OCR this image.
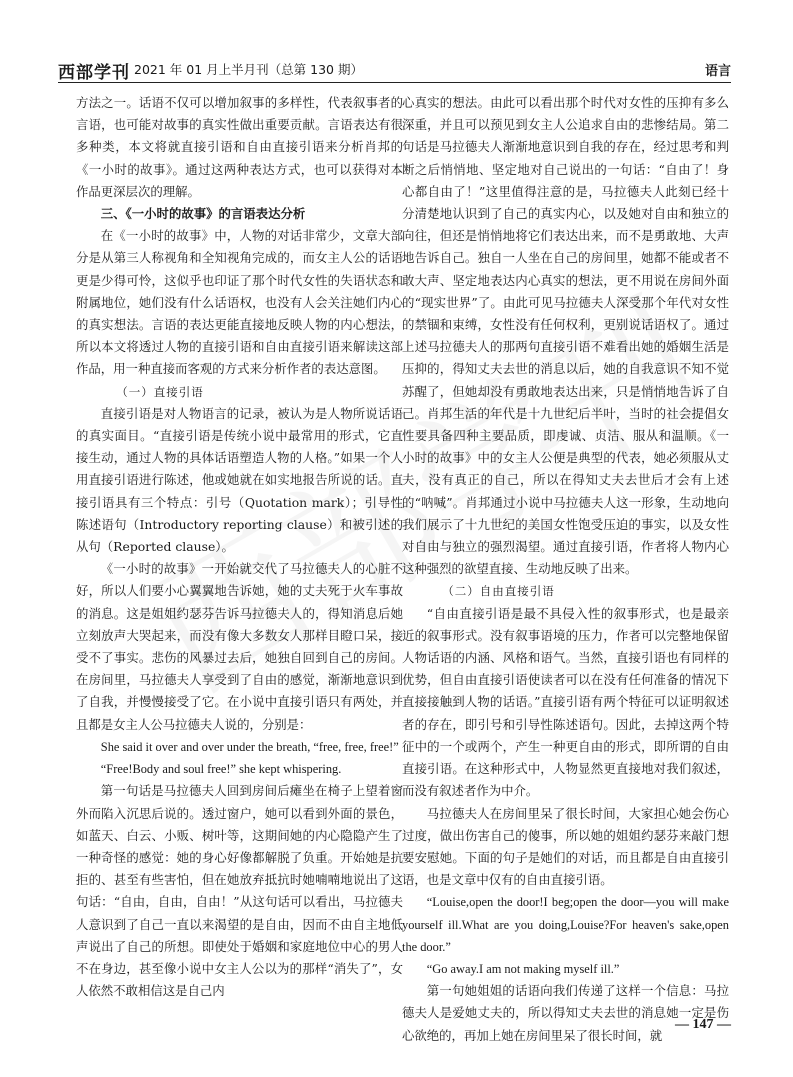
西部学刊 2021 年 01 月上半月刊（总第 130 期）	语言

方法之一。话语不仅可以增加叙事的多样性，代表叙事者的言语，也可能对故事的真实性做出重要贡献。言语表达有很多种类，本文将就直接引语和自由直接引语来分析肖邦的《一小时的故事》。通过这两种表达方式，也可以获得对本作品更深层次的理解。

三、《一小时的故事》的言语表达分析

在《一小时的故事》中，人物的对话非常少，文章大部分是从第三人称视角和全知视角完成的，而女主人公的话语更是少得可怜，这似乎也印证了那个时代女性的失语状态和附属地位，她们没有什么话语权，也没有人会关注她们内心的真实想法。言语的表达更能直接地反映人物的内心想法，所以本文将透过人物的直接引语和自由直接引语来解读这部作品，用一种直接而客观的方式来分析作者的表达意图。

（一）直接引语

直接引语是对人物语言的记录，被认为是人物所说话语的真实面目。“直接引语是传统小说中最常用的形式，它直接生动，通过人物的具体话语塑造人物的人格。”如果一个人用直接引语进行陈述，他或她就在如实地报告所说的话。直接引语具有三个特点：引号（Quotation mark）；引导性陈述语句（Introductory reporting clause）和被引述的从句（Reported clause）。

《一小时的故事》一开始就交代了马拉德夫人的心脏不好，所以人们要小心翼翼地告诉她，她的丈夫死于火车事故的消息。这是姐姐约瑟芬告诉马拉德夫人的，得知消息后她立刻放声大哭起来，而没有像大多数女人那样目瞪口呆，接受不了事实。悲伤的风暴过去后，她独自回到自己的房间。在房间里，马拉德夫人享受到了自由的感觉，渐渐地意识到了自我，并慢慢接受了它。在小说中直接引语只有两处，并且都是女主人公马拉德夫人说的，分别是：

She said it over and over under the breath, “free, free, free!”

“Free!Body and soul free!” she kept whispering.

第一句话是马拉德夫人回到房间后瘫坐在椅子上望着窗外而陷入沉思后说的。透过窗户，她可以看到外面的景色，如蓝天、白云、小贩、树叶等，这期间她的内心隐隐产生了一种奇怪的感觉：她的身心好像都解脱了负重。开始她是抗拒的、甚至有些害怕，但在她放弃抵抗时她喃喃地说出了这句话：“自由，自由，自由！”从这句话可以看出，马拉德夫人意识到了自己一直以来渴望的是自由，因而不由自主地低声说出了自己的所想。即使处于婚姻和家庭地位中心的男人不在身边，甚至像小说中女主人公以为的那样“消失了”，女人依然不敢相信这是自己内

心真实的想法。由此可以看出那个时代对女性的压抑有多么深重，并且可以预见到女主人公追求自由的悲惨结局。第二句话是马拉德夫人渐渐地意识到自我的存在，经过思考和判断之后悄悄地、坚定地对自己说出的一句话：“自由了！身心都自由了！”这里值得注意的是，马拉德夫人此刻已经十分清楚地认识到了自己的真实内心，以及她对自由和独立的向往，但还是悄悄地将它们表达出来，而不是勇敢地、大声地告诉自己。独自一人坐在自己的房间里，她都不能或者不敢大声、坚定地表达内心真实的想法，更不用说在房间外面的“现实世界”了。由此可见马拉德夫人深受那个年代对女性的禁锢和束缚，女性没有任何权利，更别说话语权了。通过上述马拉德夫人的那两句直接引语不难看出她的婚姻生活是压抑的，得知丈夫去世的消息以后，她的自我意识不知不觉苏醒了，但她却没有勇敢地表达出来，只是悄悄地告诉了自己。肖邦生活的年代是十九世纪后半叶，当时的社会提倡女性要具备四种主要品质，即虔诚、贞洁、服从和温顺。《一小时的故事》中的女主人公便是典型的代表，她必须服从丈夫，没有真正的自己，所以在得知丈夫去世后才会有上述的“呐喊”。肖邦通过小说中马拉德夫人这一形象，生动地向我们展示了十九世纪的美国女性饱受压迫的事实，以及女性对自由与独立的强烈渴望。通过直接引语，作者将人物内心这种强烈的欲望直接、生动地反映了出来。

（二）自由直接引语

“自由直接引语是最不具侵入性的叙事形式，也是最亲近的叙事形式。没有叙事语境的压力，作者可以完整地保留人物话语的内涵、风格和语气。当然，直接引语也有同样的优势，但自由直接引语使读者可以在没有任何准备的情况下直接接触到人物的话语。”直接引语有两个特征可以证明叙述者的存在，即引号和引导性陈述语句。因此，去掉这两个特征中的一个或两个，产生一种更自由的形式，即所谓的自由直接引语。在这种形式中，人物显然更直接地对我们叙述，而没有叙述者作为中介。

马拉德夫人在房间里呆了很长时间，大家担心她会伤心过度，做出伤害自己的傻事，所以她的姐姐约瑟芬来敲门想要安慰她。下面的句子是她们的对话，而且都是自由直接引语，也是文章中仅有的自由直接引语。

“Louise,open the door!I beg;open the door—you will make yourself ill.What are you doing,Louise?For heaven's sake,open the door.”

“Go away.I am not making myself ill.”

第一句她姐姐的话语向我们传递了这样一个信息：马拉德夫人是爱她丈夫的，所以得知丈夫去世的消息她一定是伤心欲绝的，再加上她在房间里呆了很长时间，就

— 147 —
